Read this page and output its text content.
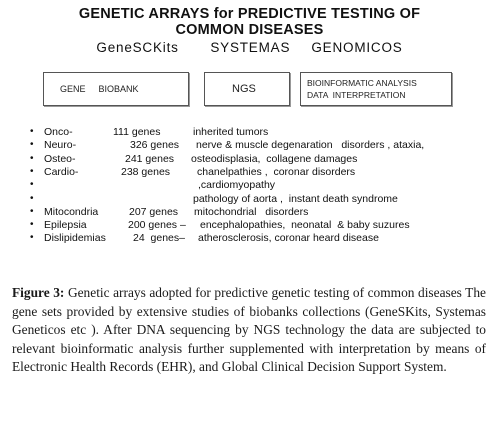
GENETIC ARRAYS for PREDICTIVE TESTING OF
COMMON DISEASES
GeneSCKits   SYSTEMAS  GENOMICOS
GENE  BIOBANK	NGS	BIOINFORMATIC ANALYSIS
DATA  INTERPRETATION
• Onco-	111 genes	inherited tumors
• Neuro-	326 genes nerve & muscle degenaration   disorders , ataxia,
• Osteo-	241 genes osteodisplasia,  collagene damages
• Cardio-	238 genes	chanelpathies ,  coronar disorders
•	,cardiomyopathy
•	pathology of aorta ,  instant death syndrome
• Mitocondria	207 genes mitochondrial   disorders
• Epilepsia	200 genes – encephalopathies,  neonatal  & baby suzures
• Dislipidemias	24  genes– atherosclerosis, coronar heard disease
Figure 3: Genetic arrays adopted for predictive genetic testing of common diseases The gene sets provided by extensive studies of biobanks collections (GeneSKits, Systemas Geneticos etc ). After DNA sequencing by NGS technology the data are subjected to relevant bioinformatic analysis further supplemented with interpretation by means of Electronic Health Records (EHR), and Global Clinical Decision Support System.
